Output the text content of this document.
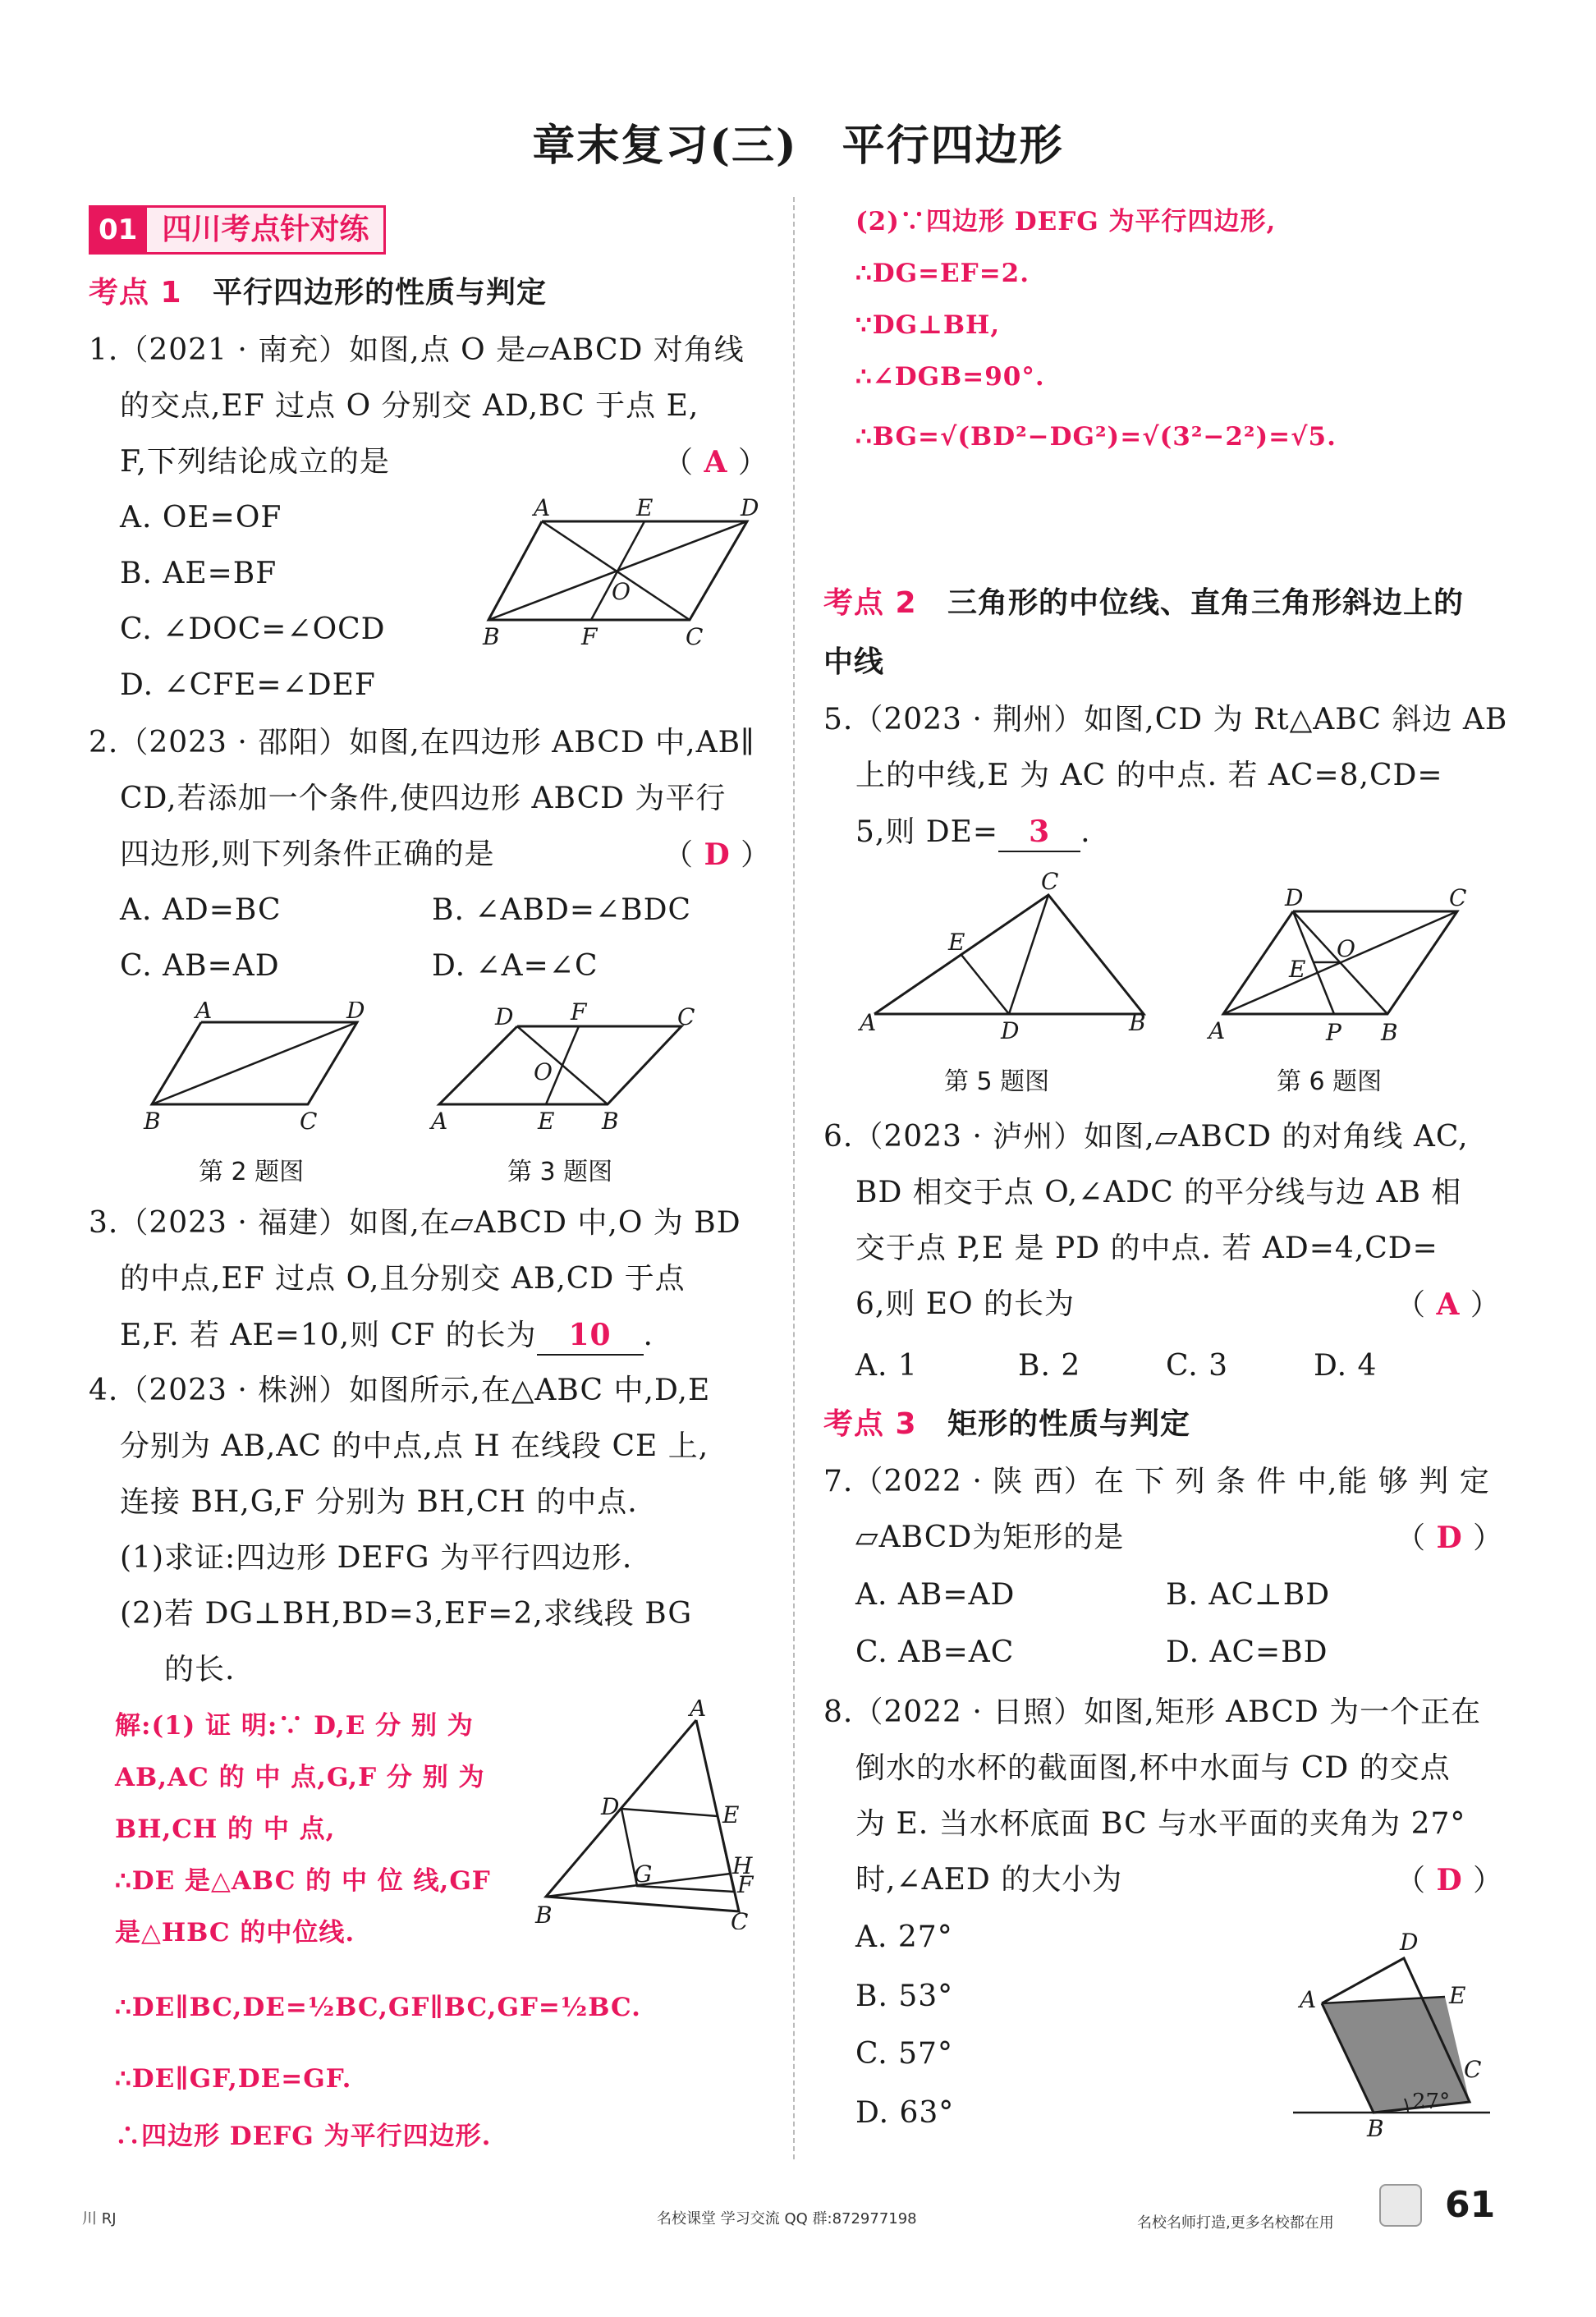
章末复习(三)　平行四边形
01 四川考点针对练
考点 1 平行四边形的性质与判定
1.（2021 · 南充）如图,点 O 是▱ABCD 对角线
的交点,EF 过点 O 分别交 AD,BC 于点 E,
F,下列结论成立的是	（ A ）
A. OE=OF
B. AE=BF
C. ∠DOC=∠OCD
D. ∠CFE=∠DEF
A	E	D
O
B	F	C
2.（2023 · 邵阳）如图,在四边形 ABCD 中,AB∥
CD,若添加一个条件,使四边形 ABCD 为平行
四边形,则下列条件正确的是	（ D ）
A. AD=BC	B. ∠ABD=∠BDC
C. AB=AD	D. ∠A=∠C
A	D
B	C
第 2 题图
D F	C
O
A	E B
第 3 题图
3.（2023 · 福建）如图,在▱ABCD 中,O 为 BD
的中点,EF 过点 O,且分别交 AB,CD 于点
E,F. 若 AE=10,则 CF 的长为 10 .
4.（2023 · 株洲）如图所示,在△ABC 中,D,E
分别为 AB,AC 的中点,点 H 在线段 CE 上,
连接 BH,G,F 分别为 BH,CH 的中点.
(1)求证:四边形 DEFG 为平行四边形.
(2)若 DG⊥BH,BD=3,EF=2,求线段 BG
的长.
解:(1) 证 明:∵ D,E 分 别 为
AB,AC 的 中 点,G,F 分 别 为
BH,CH 的 中 点,
∴DE 是△ABC 的 中 位 线,GF
是△HBC 的中位线.
∴DE∥BC,DE=½BC,GF∥BC,GF=½BC.
∴DE∥GF,DE=GF.
∴四边形 DEFG 为平行四边形.
A
D	E
H
G	F
B	C
(2)∵四边形 DEFG 为平行四边形,
∴DG=EF=2.
∵DG⊥BH,
∴∠DGB=90°.
∴BG=√(BD²−DG²)=√(3²−2²)=√5.
考点 2 三角形的中位线、直角三角形斜边上的
中线
5.（2023 · 荆州）如图,CD 为 Rt△ABC 斜边 AB
上的中线,E 为 AC 的中点. 若 AC=8,CD=
5,则 DE= 3 .
C
E
A	D	B
第 5 题图
D	C
O
E
A	P B
第 6 题图
6.（2023 · 泸州）如图,▱ABCD 的对角线 AC,
BD 相交于点 O,∠ADC 的平分线与边 AB 相
交于点 P,E 是 PD 的中点. 若 AD=4,CD=
6,则 EO 的长为	（ A ）
A. 1	B. 2	C. 3	D. 4
考点 3 矩形的性质与判定
7.（2022 · 陕 西）在 下 列 条 件 中,能 够 判 定
▱ABCD为矩形的是	（ D ）
A. AB=AD	B. AC⊥BD
C. AB=AC	D. AC=BD
8.（2022 · 日照）如图,矩形 ABCD 为一个正在
倒水的水杯的截面图,杯中水面与 CD 的交点
为 E. 当水杯底面 BC 与水平面的夹角为 27°
时,∠AED 的大小为	（ D ）
A. 27°
B. 53°
C. 57°
D. 63°
D
A	E
C
B
27°
川 RJ	名校课堂 学习交流 QQ 群:872977198	名校名师打造,更多名校都在用	61
